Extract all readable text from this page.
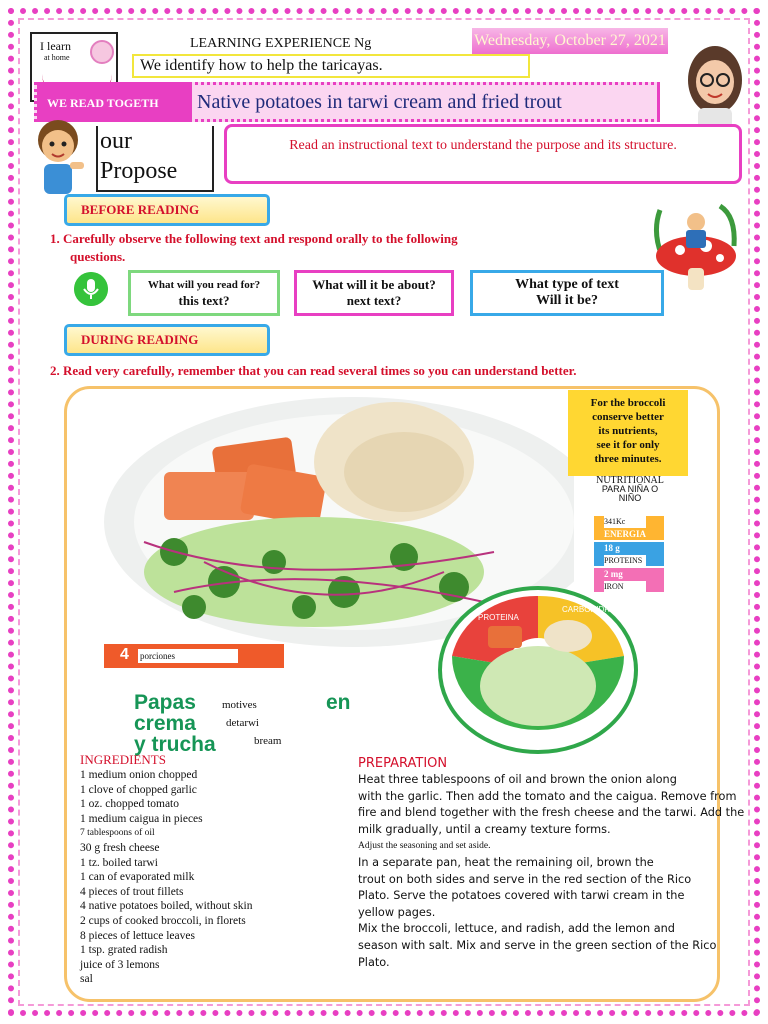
I learn
at home
LEARNING EXPERIENCE Ng	Wednesday, October 27, 2021
We identify how to help the taricayas.
WE READ TOGETH Native potatoes in tarwi cream and fried trout
our
Propose
Read an instructional text to understand the purpose and its structure.
BEFORE READING
1. Carefully observe the following text and respond orally to the following
questions.
What will you read for?
this text?
What will it be about?
next text?
What type of text
Will it be?
DURING READING
2. Read very carefully, remember that you can read several times so you can understand better.
For the broccoli
conserve better
its nutrients,
see it for only
three minutes.
NUTRITIONAL
PARA NIÑA O NIÑO
341Kc
ENERGIA
18 g
PROTEINS
2 mg
IRON
PROTEINA
CARBOHIDRATOS
VERDURAS
4 porciones
Papas	en
crema
y trucha
motives
detarwi
bream
INGREDIENTS
1 medium onion chopped
1 clove of chopped garlic
1 oz. chopped tomato
1 medium caigua in pieces
7 tablespoons of oil
30 g fresh cheese
1 tz. boiled tarwi
1 can of evaporated milk
4 pieces of trout fillets
4 native potatoes boiled, without skin
2 cups of cooked broccoli, in florets
8 pieces of lettuce leaves
1 tsp. grated radish
juice of 3 lemons
sal
PREPARATION
Heat three tablespoons of oil and brown the onion along
with the garlic. Then add the tomato and the caigua. Remove from
fire and blend together with the fresh cheese and the tarwi. Add the
milk gradually, until a creamy texture forms.
Adjust the seasoning and set aside.
In a separate pan, heat the remaining oil, brown the
trout on both sides and serve in the red section of the Rico
Plato. Serve the potatoes covered with tarwi cream in the
yellow pages.
Mix the broccoli, lettuce, and radish, add the lemon and
season with salt. Mix and serve in the green section of the Rico
Plato.
